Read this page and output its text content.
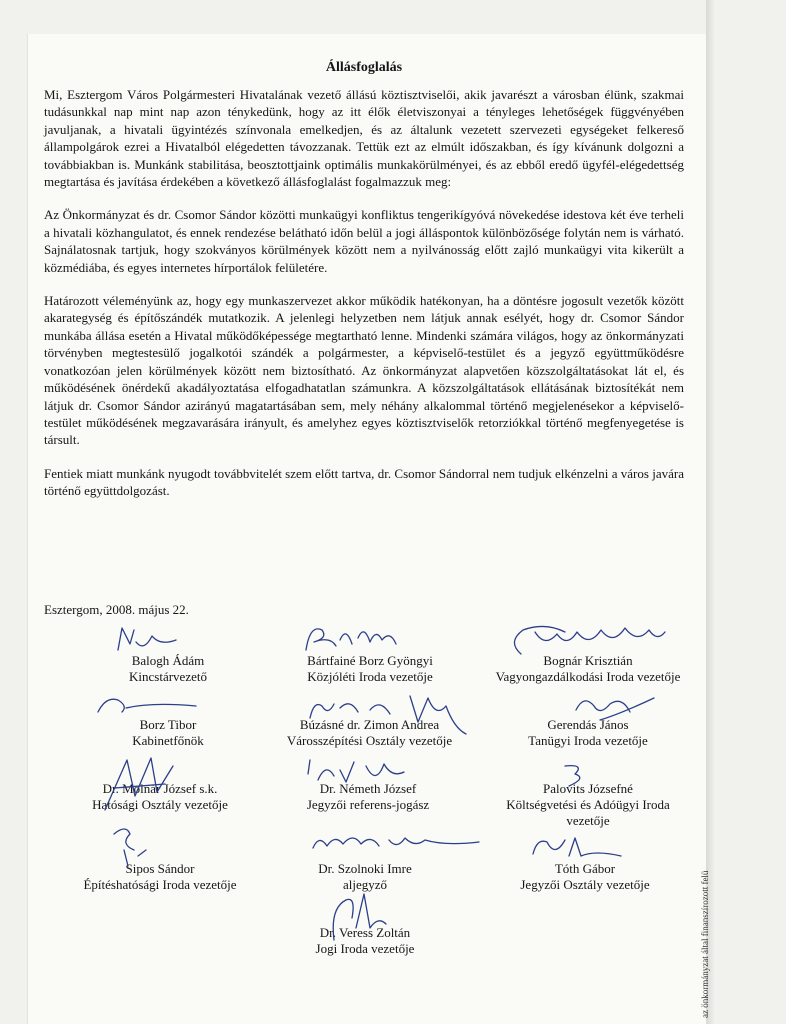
az önkormányzat által finanszírozott felü
Állásfoglalás

Mi, Esztergom Város Polgármesteri Hivatalának vezető állású köztisztviselői, akik javarészt a városban élünk, szakmai tudásunkkal nap mint nap azon ténykedünk, hogy az itt élők életviszonyai a tényleges lehetőségek függvényében javuljanak, a hivatali ügyintézés színvonala emelkedjen, és az általunk vezetett szervezeti egységeket felkereső állampolgárok ezrei a Hivatalból elégedetten távozzanak. Tettük ezt az elmúlt időszakban, és így kívánunk dolgozni a továbbiakban is. Munkánk stabilitása, beosztottjaink optimális munkakörülményei, és az ebből eredő ügyfél-elégedettség megtartása és javítása érdekében a következő állásfoglalást fogalmazzuk meg:

Az Önkormányzat és dr. Csomor Sándor közötti munkaügyi konfliktus tengerikígyóvá növekedése idestova két éve terheli a hivatali közhangulatot, és ennek rendezése belátható időn belül a jogi álláspontok különbözősége folytán nem is várható. Sajnálatosnak tartjuk, hogy szokványos körülmények között nem a nyilvánosság előtt zajló munkaügyi vita kikerült a közmédiába, és egyes internetes hírportálok felületére.

Határozott véleményünk az, hogy egy munkaszervezet akkor működik hatékonyan, ha a döntésre jogosult vezetők között akarategység és építőszándék mutatkozik. A jelenlegi helyzetben nem látjuk annak esélyét, hogy dr. Csomor Sándor munkába állása esetén a Hivatal működőképessége megtartható lenne. Mindenki számára világos, hogy az önkormányzati törvényben megtestesülő jogalkotói szándék a polgármester, a képviselő-testület és a jegyző együttműködésre vonatkozóan jelen körülmények között nem biztosítható. Az önkormányzat alapvetően közszolgáltatásokat lát el, és működésének önérdekű akadályoztatása elfogadhatatlan számunkra. A közszolgáltatások ellátásának biztosítékát nem látjuk dr. Csomor Sándor azirányú magatartásában sem, mely néhány alkalommal történő megjelenésekor a képviselő-testület működésének megzavarására irányult, és amelyhez egyes köztisztviselők retorziókkal történő megfenyegetése is társult.

Fentiek miatt munkánk nyugodt továbbvitelét szem előtt tartva, dr. Csomor Sándorral nem tudjuk elkénzelni a város javára történő együttdolgozást.

Esztergom, 2008. május 22.
Balogh Ádám
Kincstárvezető
Bártfainé Borz Gyöngyi
Közjóléti Iroda vezetője
Bognár Krisztián
Vagyongazdálkodási Iroda vezetője
Borz Tibor
Kabinetfőnök
Búzásné dr. Zimon Andrea
Városszépítési Osztály vezetője
Gerendás János
Tanügyi Iroda vezetője
Dr. Molnár József s.k.
Hatósági Osztály vezetője
Dr. Németh József
Jegyzői referens-jogász
Palovits Józsefné
Költségvetési és Adóügyi Iroda vezetője
Sipos Sándor
Építéshatósági Iroda vezetője
Dr. Szolnoki Imre
aljegyző
Tóth Gábor
Jegyzői Osztály vezetője
Dr. Veress Zoltán
Jogi Iroda vezetője
